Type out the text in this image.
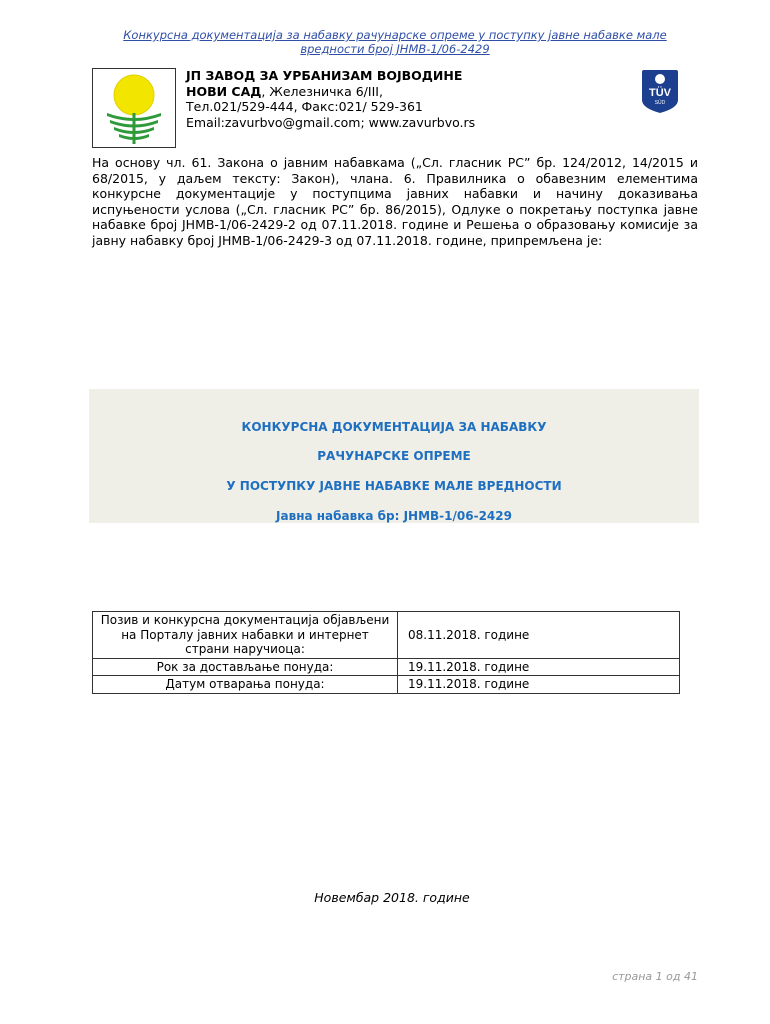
Конкурсна документација за набавку рачунарске опреме у поступку јавне набавке мале вредности број ЈНМВ-1/06-2429
ЈП ЗАВОД ЗА УРБАНИЗАМ ВОЈВОДИНЕ
НОВИ САД, Железничка 6/III,
Тел.021/529-444, Факс:021/ 529-361
Email:zavurbvo@gmail.com; www.zavurbvo.rs
TÜV
SÜD

На основу чл. 61. Закона о јавним набавкама („Сл. гласник РС” бр. 124/2012, 14/2015 и 68/2015, у даљем тексту: Закон), члана. 6. Правилника о обавезним елементима конкурсне документације у поступцима јавних набавки и начину доказивања испуњености услова („Сл. гласник РС” бр. 86/2015), Одлуке о покретању поступка јавне набавке број ЈНМВ-1/06-2429-2 од 07.11.2018. године и Решења о образовању комисије за јавну набавку број ЈНМВ-1/06-2429-3 од 07.11.2018. године, припремљена је:

КОНКУРСНА ДОКУМЕНТАЦИЈА ЗА НАБАВКУ
РАЧУНАРСКЕ ОПРЕМЕ
У ПОСТУПКУ ЈАВНЕ НАБАВКЕ МАЛЕ ВРЕДНОСТИ
Јавна набавка бр: ЈНМВ-1/06-2429
Позив и конкурсна документација објављени на Порталу јавних набавки и интернет страни наручиоца:	08.11.2018. године
Рок за достављање понуда:	19.11.2018. године
Датум отварања понуда:	19.11.2018. године
Новембар 2018. године
страна 1 од 41
